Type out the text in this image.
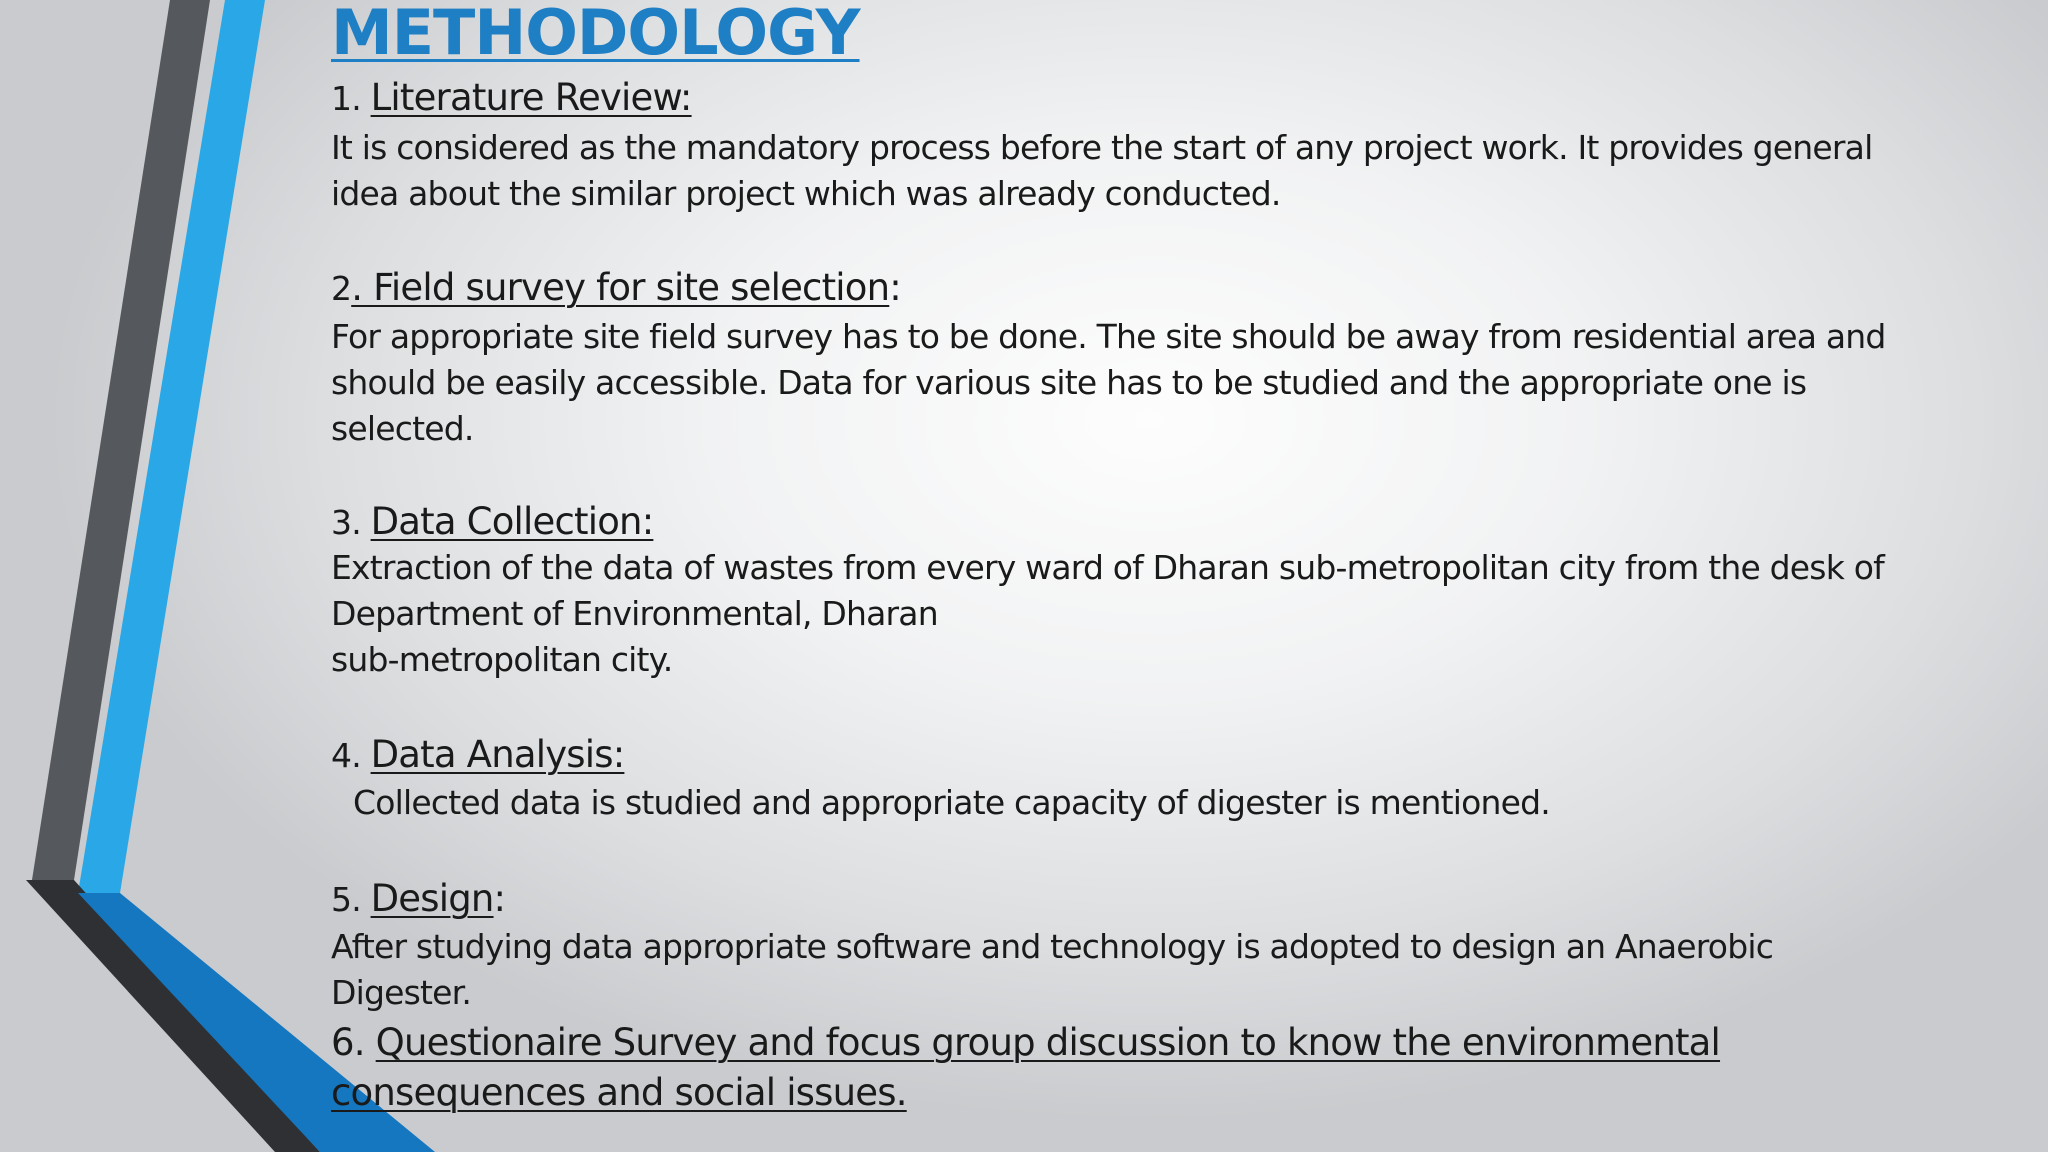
METHODOLOGY

1. Literature Review:

It is considered as the mandatory process before the start of any project work. It provides general
idea about the similar project which was already conducted.

2. Field survey for site selection:

For appropriate site field survey has to be done. The site should be away from residential area and
should be easily accessible. Data for various site has to be studied and the appropriate one is
selected.

3. Data Collection:

Extraction of the data of wastes from every ward of Dharan sub-metropolitan city from the desk of
Department of Environmental, Dharan
sub-metropolitan city.

4. Data Analysis:

Collected data is studied and appropriate capacity of digester is mentioned.

5. Design:

After studying data appropriate software and technology is adopted to design an Anaerobic
Digester.

6. Questionaire Survey and focus group discussion to know the environmental
consequences and social issues.
